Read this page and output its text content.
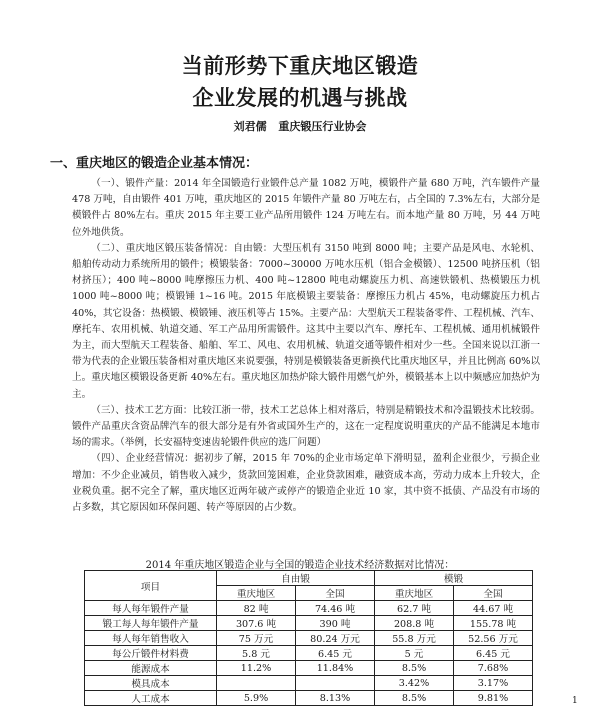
当前形势下重庆地区锻造
企业发展的机遇与挑战
刘君儒 重庆锻压行业协会
一、重庆地区的锻造企业基本情况：

（一）、锻件产量：2014 年全国锻造行业锻件总产量 1082 万吨，模锻件产量 680 万吨，汽车锻件产量 478 万吨，自由锻件 401 万吨，重庆地区的 2015 年锻件产量 80 万吨左右，占全国的 7.3%左右，大部分是模锻件占 80%左右。重庆 2015 年主要工业产品所用锻件 124 万吨左右。而本地产量 80 万吨，另 44 万吨位外地供货。

（二）、重庆地区锻压装备情况：自由锻：大型压机有 3150 吨到 8000 吨；主要产品是风电、水轮机、船舶传动动力系统所用的锻件；模锻装备：7000~30000 万吨水压机（铝合金模锻）、12500 吨挤压机（铝材挤压）；400 吨~8000 吨摩擦压力机、400 吨~12800 吨电动螺旋压力机、高速铁锻机、热模锻压力机 1000 吨~8000 吨；模锻锤 1~16 吨。2015 年底模锻主要装备：摩擦压力机占 45%，电动螺旋压力机占 40%，其它设备：热模锻、模锻锤、液压机等占 15%。主要产品：大型航天工程装备零件、工程机械、汽车、摩托车、农用机械、轨道交通、军工产品用所需锻件。这其中主要以汽车、摩托车、工程机械、通用机械锻件为主，而大型航天工程装备、船舶、军工、风电、农用机械、轨道交通等锻件相对少一些。全国来说以江浙一带为代表的企业锻压装备相对重庆地区来说要强，特别是模锻装备更新换代比重庆地区早，并且比例高 60%以上。重庆地区模锻设备更新 40%左右。重庆地区加热炉除大锻件用燃气炉外，模锻基本上以中频感应加热炉为主。

（三）、技术工艺方面：比较江浙一带，技术工艺总体上相对落后，特别是精锻技术和冷温锻技术比较弱。锻件产品重庆含资品牌汽车的很大部分是有外省或国外生产的，这在一定程度说明重庆的产品不能满足本地市场的需求。（举例，长安福特变速齿轮锻件供应的选厂问题）

（四）、企业经营情况：据初步了解，2015 年 70%的企业市场定单下滑明显，盈利企业很少，亏损企业增加：不少企业减员，销售收入减少，货款回笼困难，企业贷款困难，融资成本高，劳动力成本上升较大，企业税负重。据不完全了解，重庆地区近两年破产或停产的锻造企业近 10 家，其中资不抵债、产品没有市场的占多数，其它原因如环保问题、转产等原因的占少数。

2014 年重庆地区锻造企业与全国的锻造企业技术经济数据对比情况：
项目	自由锻		模锻	
	重庆地区	全国	重庆地区	全国
每人每年锻件产量	82 吨	74.46 吨	62.7 吨	44.67 吨
锻工每人每年锻件产量	307.6 吨	390 吨	208.8 吨	155.78 吨
每人每年销售收入	75 万元	80.24 万元	55.8 万元	52.56 万元
每公斤锻件材料费	5.8 元	6.45 元	5 元	6.45 元
能源成本	11.2%	11.84%	8.5%	7.68%
模具成本			3.42%	3.17%
人工成本	5.9%	8.13%	8.5%	9.81%	1
